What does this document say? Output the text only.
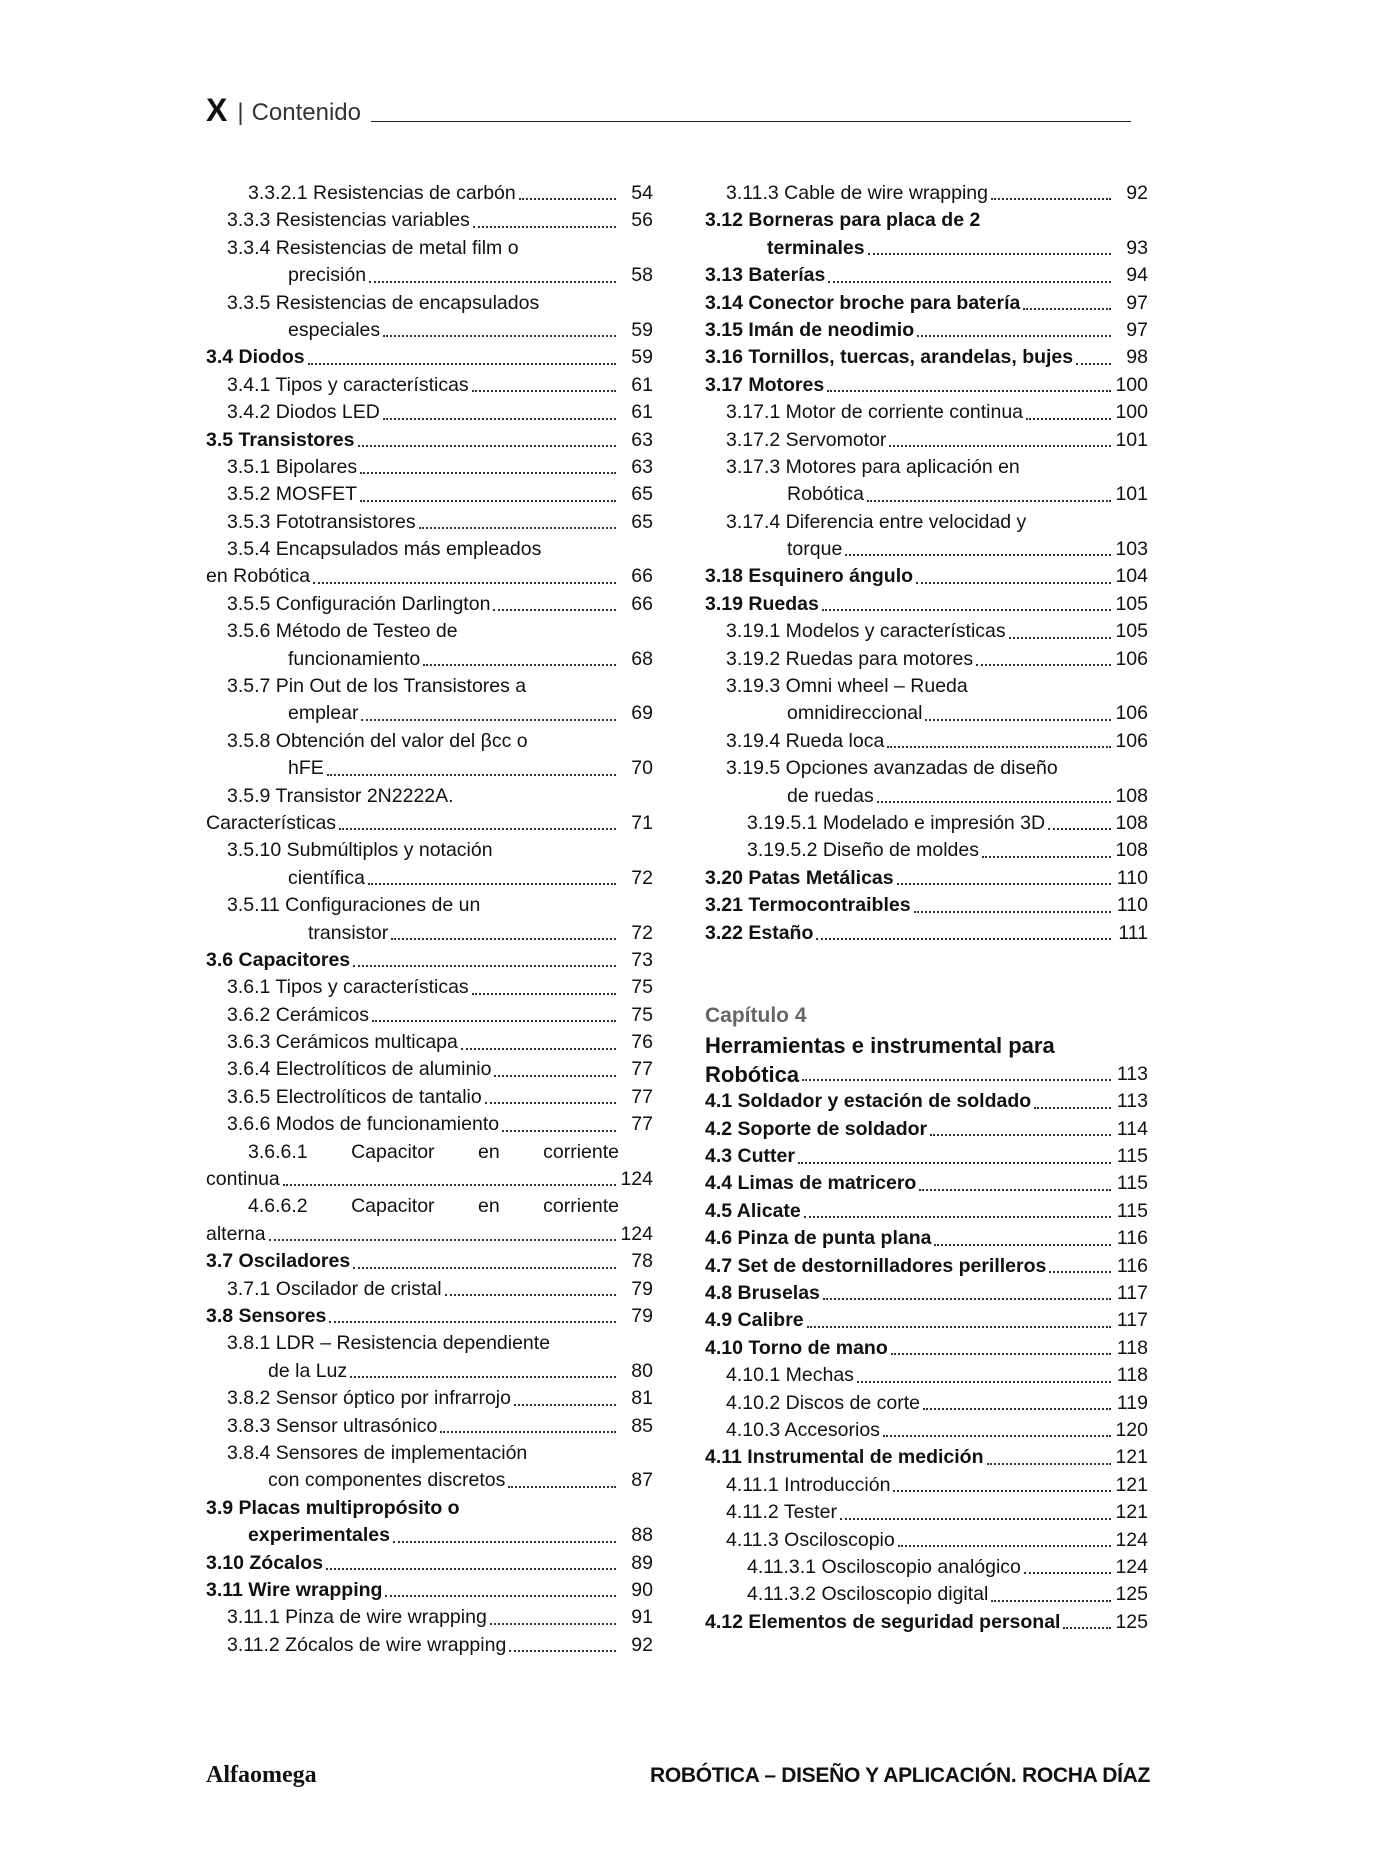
X | Contenido
3.3.2.1 Resistencias de carbón	54
3.3.3 Resistencias variables	56
3.3.4 Resistencias de metal film o
precisión	58
3.3.5 Resistencias de encapsulados
especiales	59
3.4 Diodos	59
3.4.1 Tipos y características	61
3.4.2 Diodos LED	61
3.5 Transistores	63
3.5.1 Bipolares	63
3.5.2 MOSFET	65
3.5.3 Fototransistores	65
3.5.4 Encapsulados más empleados
en Robótica	66
3.5.5 Configuración Darlington	66
3.5.6 Método de Testeo de
funcionamiento	68
3.5.7 Pin Out de los Transistores a
emplear	69
3.5.8 Obtención del valor del βcc o
hFE	70
3.5.9 Transistor 2N2222A.
Características	71
3.5.10 Submúltiplos y notación
científica	72
3.5.11 Configuraciones de un
transistor	72
3.6 Capacitores	73
3.6.1 Tipos y características	75
3.6.2 Cerámicos	75
3.6.3 Cerámicos multicapa	76
3.6.4 Electrolíticos de aluminio	77
3.6.5 Electrolíticos de tantalio	77
3.6.6 Modos de funcionamiento	77
3.6.6.1 Capacitor en corriente
continua	124
4.6.6.2 Capacitor en corriente
alterna	124
3.7 Osciladores	78
3.7.1 Oscilador de cristal	79
3.8 Sensores	79
3.8.1 LDR – Resistencia dependiente
de la Luz	80
3.8.2 Sensor óptico por infrarrojo	81
3.8.3 Sensor ultrasónico	85
3.8.4 Sensores de implementación
con componentes discretos	87
3.9 Placas multipropósito o
experimentales	88
3.10 Zócalos	89
3.11 Wire wrapping	90
3.11.1 Pinza de wire wrapping	91
3.11.2 Zócalos de wire wrapping	92
3.11.3 Cable de wire wrapping	92
3.12 Borneras para placa de 2
terminales	93
3.13 Baterías	94
3.14 Conector broche para batería	97
3.15 Imán de neodimio	97
3.16 Tornillos, tuercas, arandelas, bujes	98
3.17 Motores	100
3.17.1 Motor de corriente continua	100
3.17.2 Servomotor	101
3.17.3 Motores para aplicación en
Robótica	101
3.17.4 Diferencia entre velocidad y
torque	103
3.18 Esquinero ángulo	104
3.19 Ruedas	105
3.19.1 Modelos y características	105
3.19.2 Ruedas para motores	106
3.19.3 Omni wheel – Rueda
omnidireccional	106
3.19.4 Rueda loca	106
3.19.5 Opciones avanzadas de diseño
de ruedas	108
3.19.5.1 Modelado e impresión 3D	108
3.19.5.2 Diseño de moldes	108
3.20 Patas Metálicas	110
3.21 Termocontraibles	110
3.22 Estaño	111
Capítulo 4
Herramientas e instrumental para
Robótica	113
4.1 Soldador y estación de soldado	113
4.2 Soporte de soldador	114
4.3 Cutter	115
4.4 Limas de matricero	115
4.5 Alicate	115
4.6 Pinza de punta plana	116
4.7 Set de destornilladores perilleros	116
4.8 Bruselas	117
4.9 Calibre	117
4.10 Torno de mano	118
4.10.1 Mechas	118
4.10.2 Discos de corte	119
4.10.3 Accesorios	120
4.11 Instrumental de medición	121
4.11.1 Introducción	121
4.11.2 Tester	121
4.11.3 Osciloscopio	124
4.11.3.1 Osciloscopio analógico	124
4.11.3.2 Osciloscopio digital	125
4.12 Elementos de seguridad personal	125
Alfaomega	ROBÓTICA – DISEÑO Y APLICACIÓN. ROCHA DÍAZ
